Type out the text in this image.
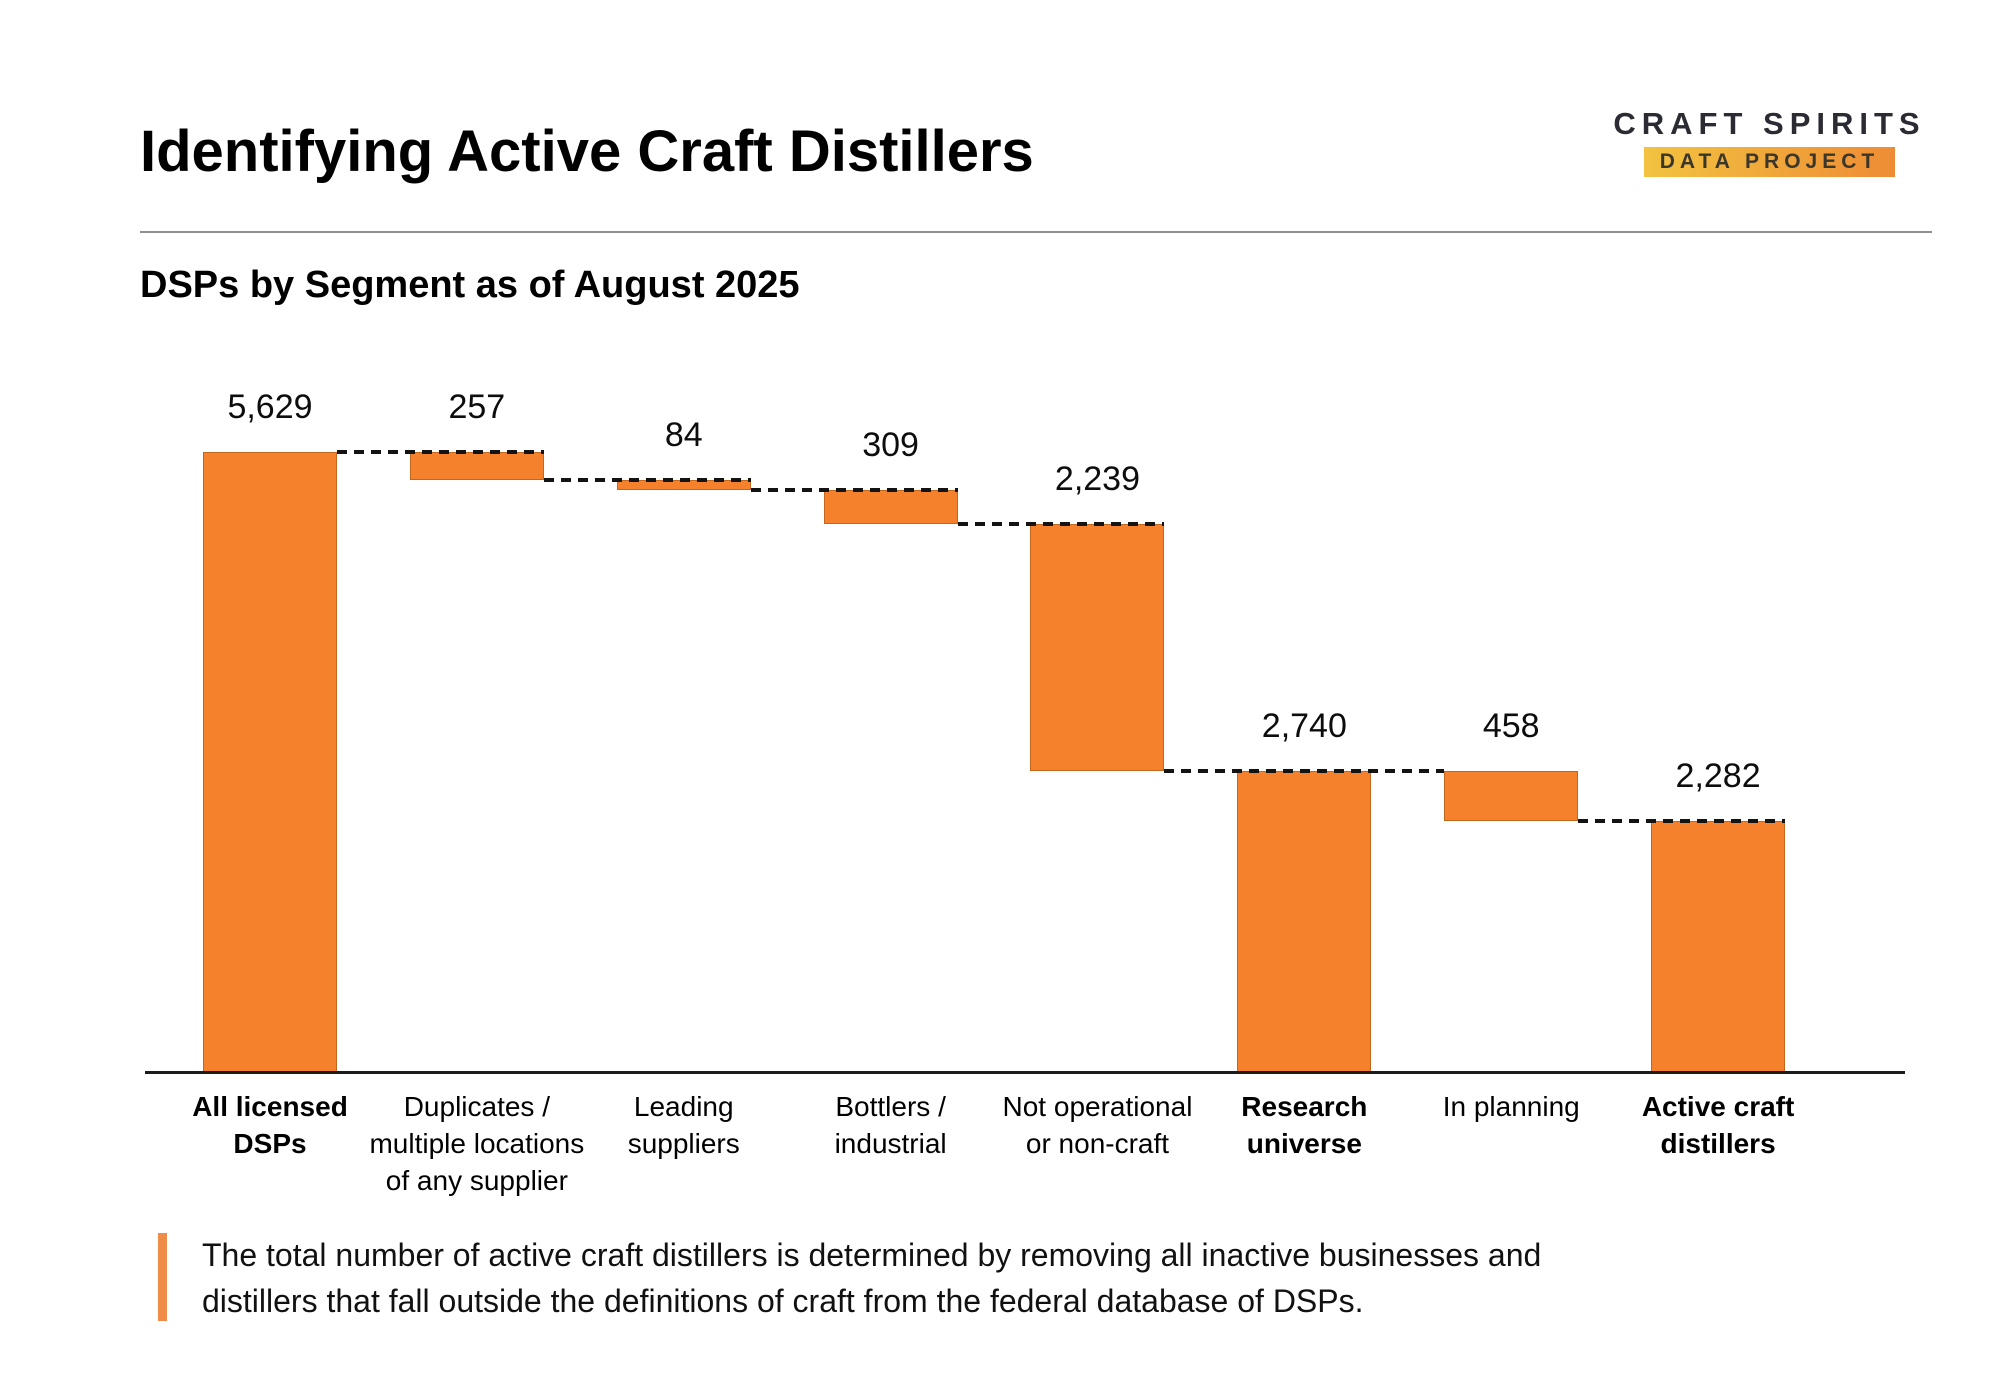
Identifying Active Craft Distillers	CRAFT SPIRITS
DATA PROJECT
DSPs by Segment as of August 2025
5,629	257
84	309
2,239
2,740	458
2,282
All licensed
DSPs
Duplicates /
multiple locations
of any supplier
Leading
suppliers
Bottlers /
industrial
Not operational
or non-craft
Research
universe
In planning	Active craft
distillers
The total number of active craft distillers is determined by removing all inactive businesses and
distillers that fall outside the definitions of craft from the federal database of DSPs.
